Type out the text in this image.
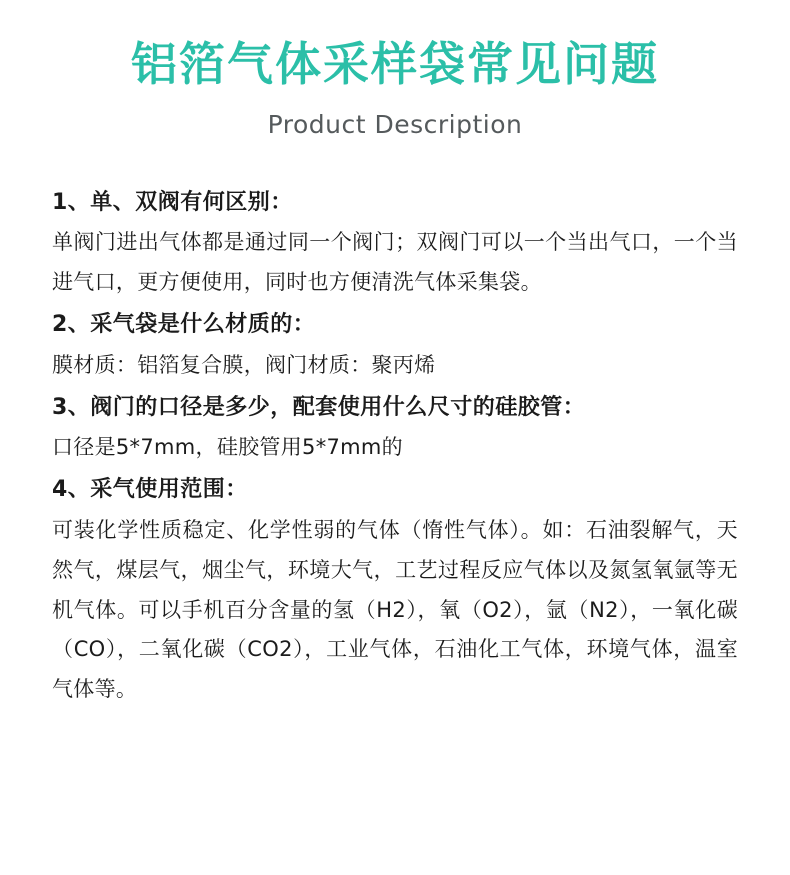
铝箔气体采样袋常见问题
Product Description
1、单、双阀有何区别：
单阀门进出气体都是通过同一个阀门；双阀门可以一个当出气口，一个当进气口，更方便使用，同时也方便清洗气体采集袋。
2、采气袋是什么材质的：
膜材质：铝箔复合膜，阀门材质：聚丙烯
3、阀门的口径是多少，配套使用什么尺寸的硅胶管：
口径是5*7mm，硅胶管用5*7mm的
4、采气使用范围：
可装化学性质稳定、化学性弱的气体（惰性气体）。如：石油裂解气，天然气，煤层气，烟尘气，环境大气，工艺过程反应气体以及氮氢氧氩等无机气体。可以手机百分含量的氢（H2），氧（O2），氩（N2），一氧化碳（CO），二氧化碳（CO2），工业气体，石油化工气体，环境气体，温室气体等。
